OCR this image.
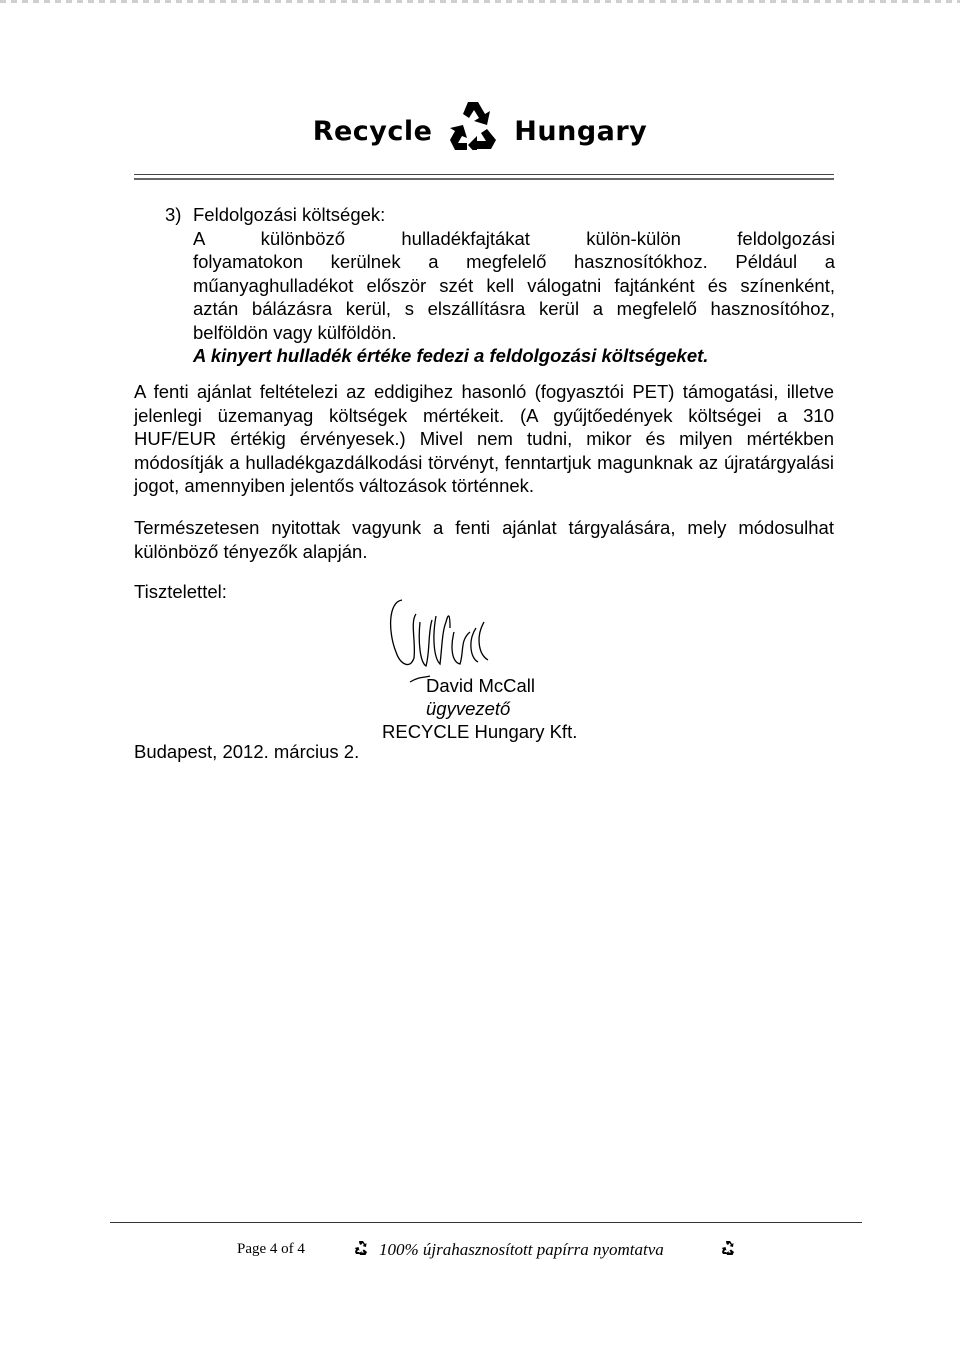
Recycle	Hungary
3) Feldolgozási költségek:
A különböző hulladékfajtákat külön-külön feldolgozási
folyamatokon kerülnek a megfelelő hasznosítókhoz. Például a
műanyaghulladékot először szét kell válogatni fajtánként és színenként,
aztán bálázásra kerül, s elszállításra kerül a megfelelő hasznosítóhoz,
belföldön vagy külföldön.
A kinyert hulladék értéke fedezi a feldolgozási költségeket.
A fenti ajánlat feltételezi az eddigihez hasonló (fogyasztói PET) támogatási, illetve jelenlegi üzemanyag költségek mértékeit. (A gyűjtőedények költségei a 310 HUF/EUR értékig érvényesek.) Mivel nem tudni, mikor és milyen mértékben módosítják a hulladékgazdálkodási törvényt, fenntartjuk magunknak az újratárgyalási jogot, amennyiben jelentős változások történnek.
Természetesen nyitottak vagyunk a fenti ajánlat tárgyalására, mely módosulhat különböző tényezők alapján.
Tisztelettel:
David McCall
ügyvezető
RECYCLE Hungary Kft.
Budapest, 2012. március 2.
Page 4 of 4	100% újrahasznosított papírra nyomtatva
